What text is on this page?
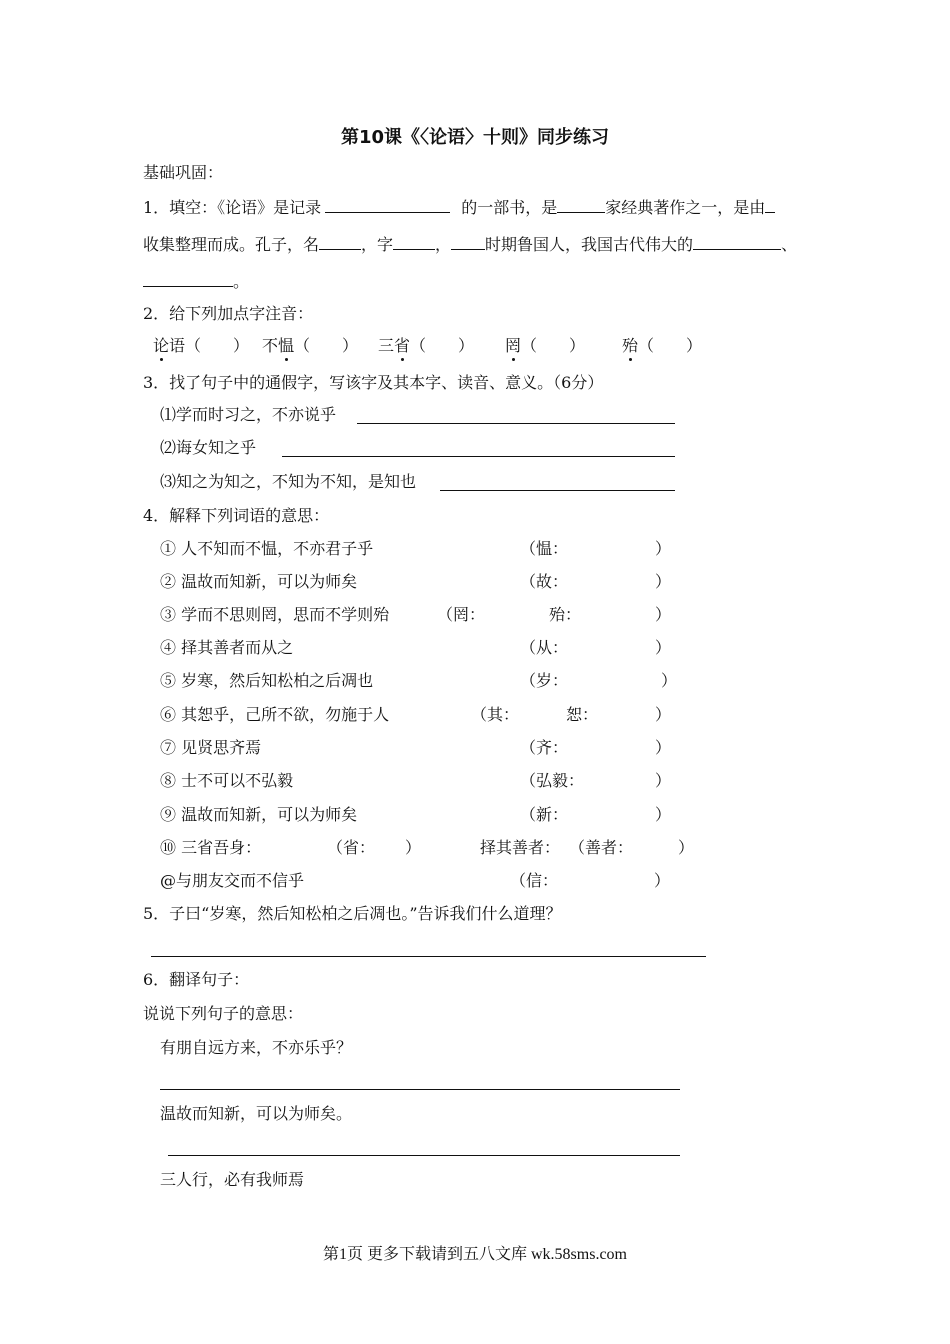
第10课《〈论语〉十则》同步练习
基础巩固：
1．填空：《论语》是记录	的一部书，是	家经典著作之一，是由
收集整理而成。孔子，名	，字	， 时期鲁国人，我国古代伟大的	、
。
2．给下列加点字注音：
论语（　　） 不愠（　　） 三省（　　） 罔（　　） 殆（　　）
3．找了句子中的通假字，写该字及其本字、读音、意义。（6分）
⑴学而时习之，不亦说乎
⑵诲女知之乎
⑶知之为知之，不知为不知，是知也
4．解释下列词语的意思：
① 人不知而不愠，不亦君子乎	（愠：	）
② 温故而知新，可以为师矣	（故：	）
③ 学而不思则罔，思而不学则殆	（罔：	殆：	）
④ 择其善者而从之	（从：	）
⑤ 岁寒，然后知松柏之后凋也	（岁：	）
⑥ 其恕乎，己所不欲，勿施于人	（其：	恕：	）
⑦ 见贤思齐焉	（齐：	）
⑧ 士不可以不弘毅	（弘毅：	）
⑨ 温故而知新，可以为师矣	（新：	）
⑩ 三省吾身：	（省： ）	择其善者： （善者：	）
@与朋友交而不信乎	（信：	）
5．子曰“岁寒，然后知松柏之后凋也。”告诉我们什么道理？
6．翻译句子：
说说下列句子的意思：
有朋自远方来，不亦乐乎？
温故而知新，可以为师矣。
三人行，必有我师焉
第1页 更多下载请到五八文库 wk.58sms.com
